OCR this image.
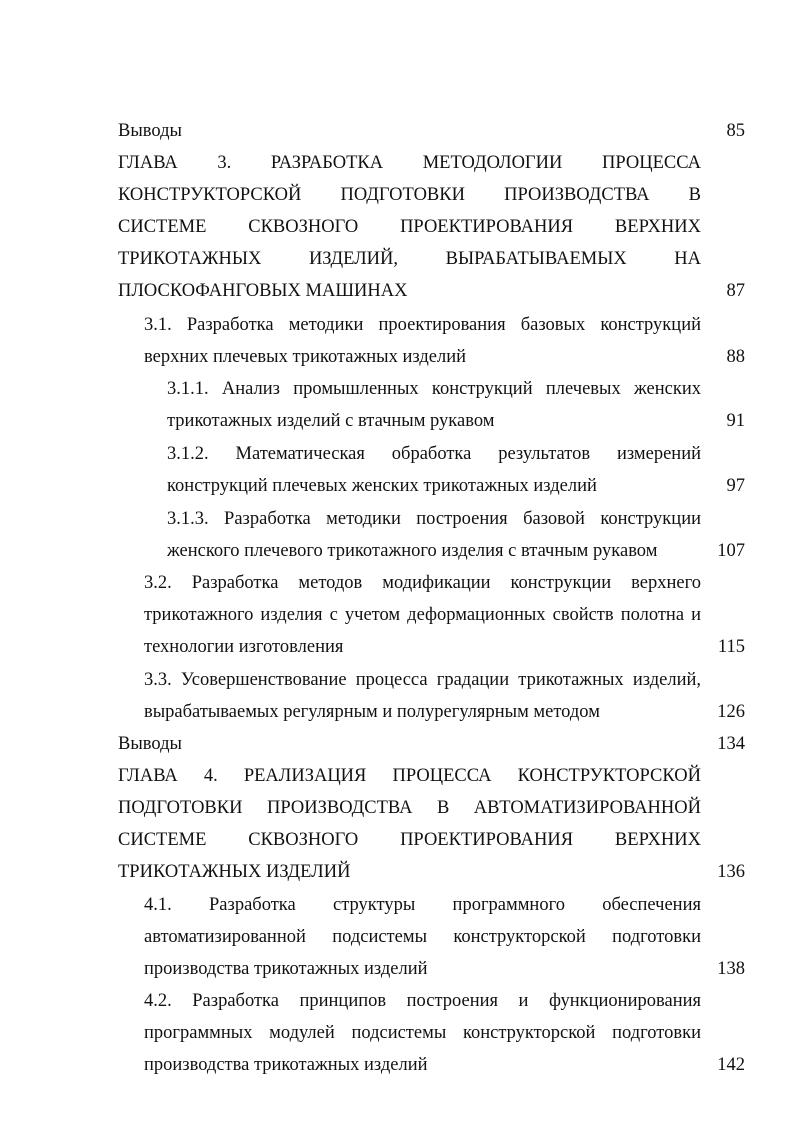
Выводы	85
ГЛАВА 3. РАЗРАБОТКА МЕТОДОЛОГИИ ПРОЦЕССА
КОНСТРУКТОРСКОЙ ПОДГОТОВКИ ПРОИЗВОДСТВА В
СИСТЕМЕ СКВОЗНОГО ПРОЕКТИРОВАНИЯ ВЕРХНИХ
ТРИКОТАЖНЫХ ИЗДЕЛИЙ, ВЫРАБАТЫВАЕМЫХ НА
ПЛОСКОФАНГОВЫХ МАШИНАХ	87
3.1. Разработка методики проектирования базовых конструкций
верхних плечевых трикотажных изделий	88
3.1.1. Анализ промышленных конструкций плечевых женских
трикотажных изделий с втачным рукавом	91
3.1.2. Математическая обработка результатов измерений
конструкций плечевых женских трикотажных изделий	97
3.1.3. Разработка методики построения базовой конструкции
женского плечевого трикотажного изделия с втачным рукавом	107
3.2. Разработка методов модификации конструкции верхнего
трикотажного изделия с учетом деформационных свойств полотна и
технологии изготовления	115
3.3. Усовершенствование процесса градации трикотажных изделий,
вырабатываемых регулярным и полурегулярным методом	126
Выводы	134
ГЛАВА 4. РЕАЛИЗАЦИЯ ПРОЦЕССА КОНСТРУКТОРСКОЙ
ПОДГОТОВКИ ПРОИЗВОДСТВА В АВТОМАТИЗИРОВАННОЙ
СИСТЕМЕ СКВОЗНОГО ПРОЕКТИРОВАНИЯ ВЕРХНИХ
ТРИКОТАЖНЫХ ИЗДЕЛИЙ	136
4.1. Разработка структуры программного обеспечения
автоматизированной подсистемы конструкторской подготовки
производства трикотажных изделий	138
4.2. Разработка принципов построения и функционирования
программных модулей подсистемы конструкторской подготовки
производства трикотажных изделий	142
